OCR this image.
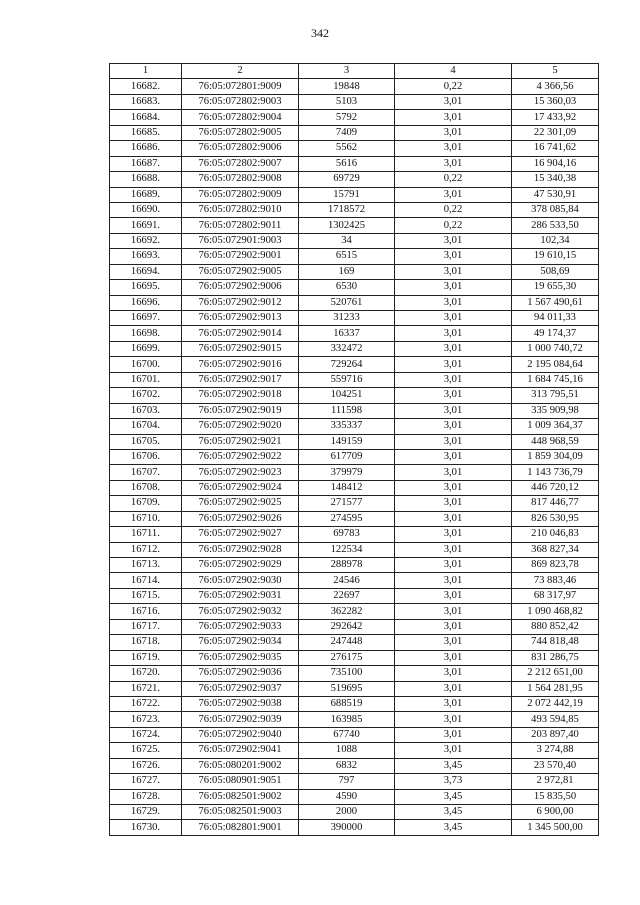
342
1	2	3	4	5
16682.	76:05:072801:9009	19848	0,22	4 366,56
16683.	76:05:072802:9003	5103	3,01	15 360,03
16684.	76:05:072802:9004	5792	3,01	17 433,92
16685.	76:05:072802:9005	7409	3,01	22 301,09
16686.	76:05:072802:9006	5562	3,01	16 741,62
16687.	76:05:072802:9007	5616	3,01	16 904,16
16688.	76:05:072802:9008	69729	0,22	15 340,38
16689.	76:05:072802:9009	15791	3,01	47 530,91
16690.	76:05:072802:9010	1718572	0,22	378 085,84
16691.	76:05:072802:9011	1302425	0,22	286 533,50
16692.	76:05:072901:9003	34	3,01	102,34
16693.	76:05:072902:9001	6515	3,01	19 610,15
16694.	76:05:072902:9005	169	3,01	508,69
16695.	76:05:072902:9006	6530	3,01	19 655,30
16696.	76:05:072902:9012	520761	3,01	1 567 490,61
16697.	76:05:072902:9013	31233	3,01	94 011,33
16698.	76:05:072902:9014	16337	3,01	49 174,37
16699.	76:05:072902:9015	332472	3,01	1 000 740,72
16700.	76:05:072902:9016	729264	3,01	2 195 084,64
16701.	76:05:072902:9017	559716	3,01	1 684 745,16
16702.	76:05:072902:9018	104251	3,01	313 795,51
16703.	76:05:072902:9019	111598	3,01	335 909,98
16704.	76:05:072902:9020	335337	3,01	1 009 364,37
16705.	76:05:072902:9021	149159	3,01	448 968,59
16706.	76:05:072902:9022	617709	3,01	1 859 304,09
16707.	76:05:072902:9023	379979	3,01	1 143 736,79
16708.	76:05:072902:9024	148412	3,01	446 720,12
16709.	76:05:072902:9025	271577	3,01	817 446,77
16710.	76:05:072902:9026	274595	3,01	826 530,95
16711.	76:05:072902:9027	69783	3,01	210 046,83
16712.	76:05:072902:9028	122534	3,01	368 827,34
16713.	76:05:072902:9029	288978	3,01	869 823,78
16714.	76:05:072902:9030	24546	3,01	73 883,46
16715.	76:05:072902:9031	22697	3,01	68 317,97
16716.	76:05:072902:9032	362282	3,01	1 090 468,82
16717.	76:05:072902:9033	292642	3,01	880 852,42
16718.	76:05:072902:9034	247448	3,01	744 818,48
16719.	76:05:072902:9035	276175	3,01	831 286,75
16720.	76:05:072902:9036	735100	3,01	2 212 651,00
16721.	76:05:072902:9037	519695	3,01	1 564 281,95
16722.	76:05:072902:9038	688519	3,01	2 072 442,19
16723.	76:05:072902:9039	163985	3,01	493 594,85
16724.	76:05:072902:9040	67740	3,01	203 897,40
16725.	76:05:072902:9041	1088	3,01	3 274,88
16726.	76:05:080201:9002	6832	3,45	23 570,40
16727.	76:05:080901:9051	797	3,73	2 972,81
16728.	76:05:082501:9002	4590	3,45	15 835,50
16729.	76:05:082501:9003	2000	3,45	6 900,00
16730.	76:05:082801:9001	390000	3,45	1 345 500,00
